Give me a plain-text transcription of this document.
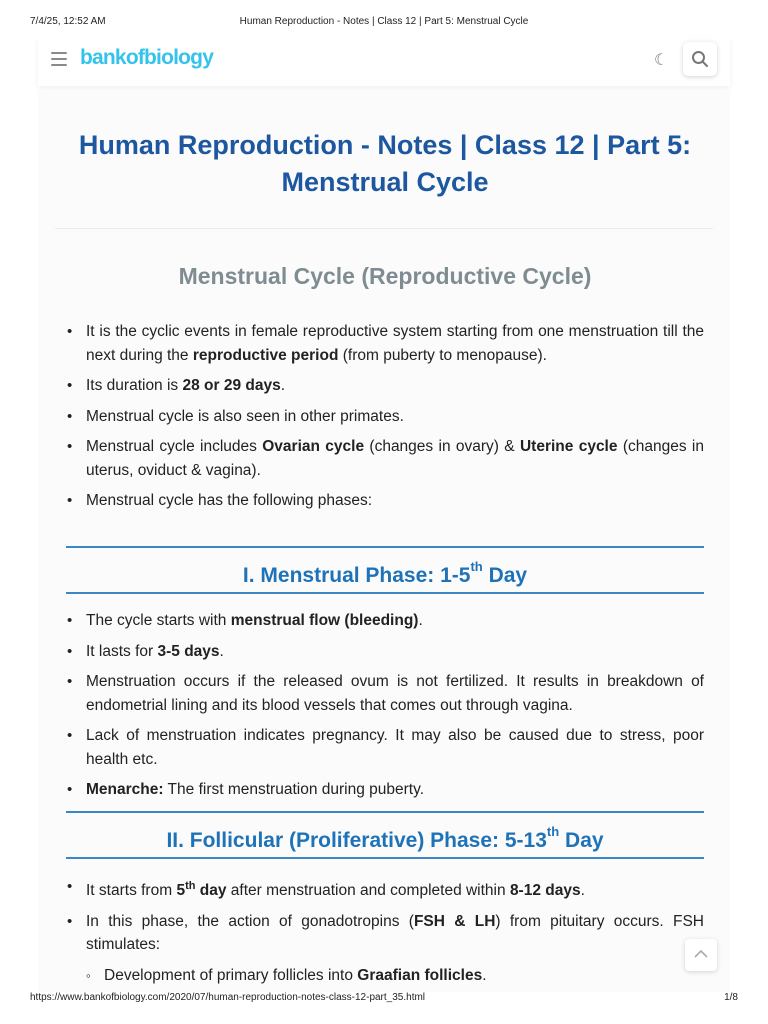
7/4/25, 12:52 AM	Human Reproduction - Notes | Class 12 | Part 5: Menstrual Cycle
bankofbiology	☾
Human Reproduction - Notes | Class 12 | Part 5: Menstrual Cycle
Menstrual Cycle (Reproductive Cycle)
• It is the cyclic events in female reproductive system starting from one menstruation till the next during the reproductive period (from puberty to menopause).
• Its duration is 28 or 29 days.
• Menstrual cycle is also seen in other primates.
• Menstrual cycle includes Ovarian cycle (changes in ovary) & Uterine cycle (changes in uterus, oviduct & vagina).
• Menstrual cycle has the following phases:
I. Menstrual Phase: 1-5th Day
• The cycle starts with menstrual flow (bleeding).
• It lasts for 3-5 days.
• Menstruation occurs if the released ovum is not fertilized. It results in breakdown of endometrial lining and its blood vessels that comes out through vagina.
• Lack of menstruation indicates pregnancy. It may also be caused due to stress, poor health etc.
• Menarche: The first menstruation during puberty.
II. Follicular (Proliferative) Phase: 5-13th Day
• It starts from 5th day after menstruation and completed within 8-12 days.
• In this phase, the action of gonadotropins (FSH & LH) from pituitary occurs. FSH stimulates:
◦ Development of primary follicles into Graafian follicles.
https://www.bankofbiology.com/2020/07/human-reproduction-notes-class-12-part_35.html	1/8
